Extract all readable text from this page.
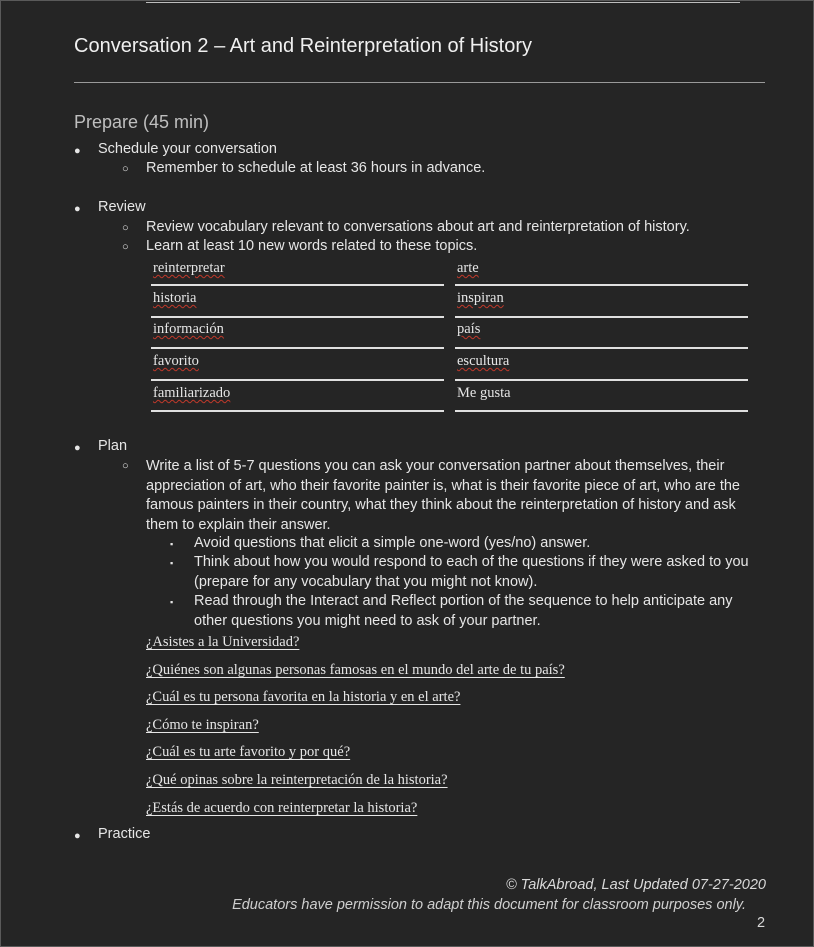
Conversation 2 – Art and Reinterpretation of History
Prepare (45 min)
● Schedule your conversation
○ Remember to schedule at least 36 hours in advance.
● Review
○ Review vocabulary relevant to conversations about art and reinterpretation of history.
○ Learn at least 10 new words related to these topics.
reinterpretar	arte
historia	inspiran
información	país
favorito	escultura
familiarizado	Me gusta
● Plan
○ Write a list of 5-7 questions you can ask your conversation partner about themselves, their appreciation of art, who their favorite painter is, what is their favorite piece of art, who are the famous painters in their country, what they think about the reinterpretation of history and ask them to explain their answer.
▪ Avoid questions that elicit a simple one-word (yes/no) answer.
▪ Think about how you would respond to each of the questions if they were asked to you (prepare for any vocabulary that you might not know).
▪ Read through the Interact and Reflect portion of the sequence to help anticipate any other questions you might need to ask of your partner.
¿Asistes a la Universidad?
¿Quiénes son algunas personas famosas en el mundo del arte de tu país?
¿Cuál es tu persona favorita en la historia y en el arte?
¿Cómo te inspiran?
¿Cuál es tu arte favorito y por qué?
¿Qué opinas sobre la reinterpretación de la historia?
¿Estás de acuerdo con reinterpretar la historia?
● Practice
© TalkAbroad, Last Updated 07-27-2020
Educators have permission to adapt this document for classroom purposes only.
2
